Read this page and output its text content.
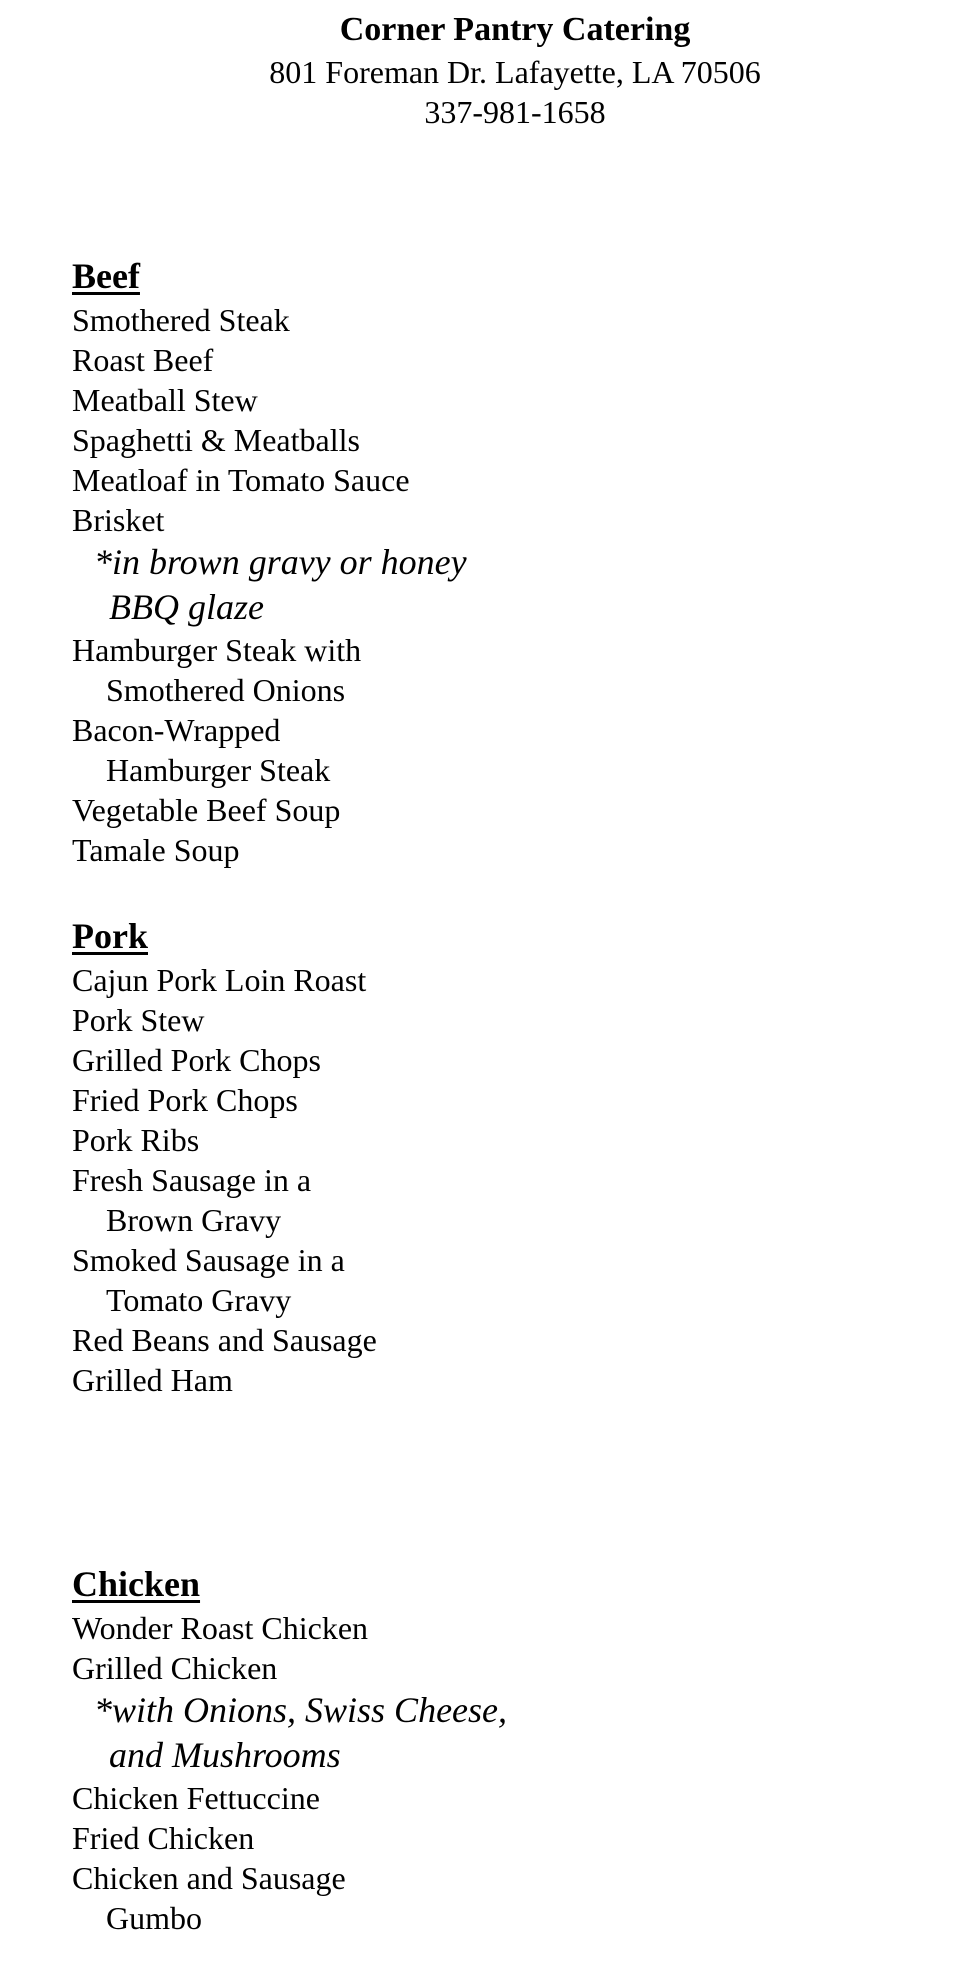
Corner Pantry Catering
801 Foreman Dr. Lafayette, LA 70506
337-981-1658
Beef
Smothered Steak
Roast Beef
Meatball Stew
Spaghetti & Meatballs
Meatloaf in Tomato Sauce
Brisket
*in brown gravy or honey
BBQ glaze
Hamburger Steak with
Smothered Onions
Bacon-Wrapped
Hamburger Steak
Vegetable Beef Soup
Tamale Soup
Pork
Cajun Pork Loin Roast
Pork Stew
Grilled Pork Chops
Fried Pork Chops
Pork Ribs
Fresh Sausage in a
Brown Gravy
Smoked Sausage in a
Tomato Gravy
Red Beans and Sausage
Grilled Ham
Chicken
Wonder Roast Chicken
Grilled Chicken
*with Onions, Swiss Cheese,
and Mushrooms
Chicken Fettuccine
Fried Chicken
Chicken and Sausage
Gumbo
